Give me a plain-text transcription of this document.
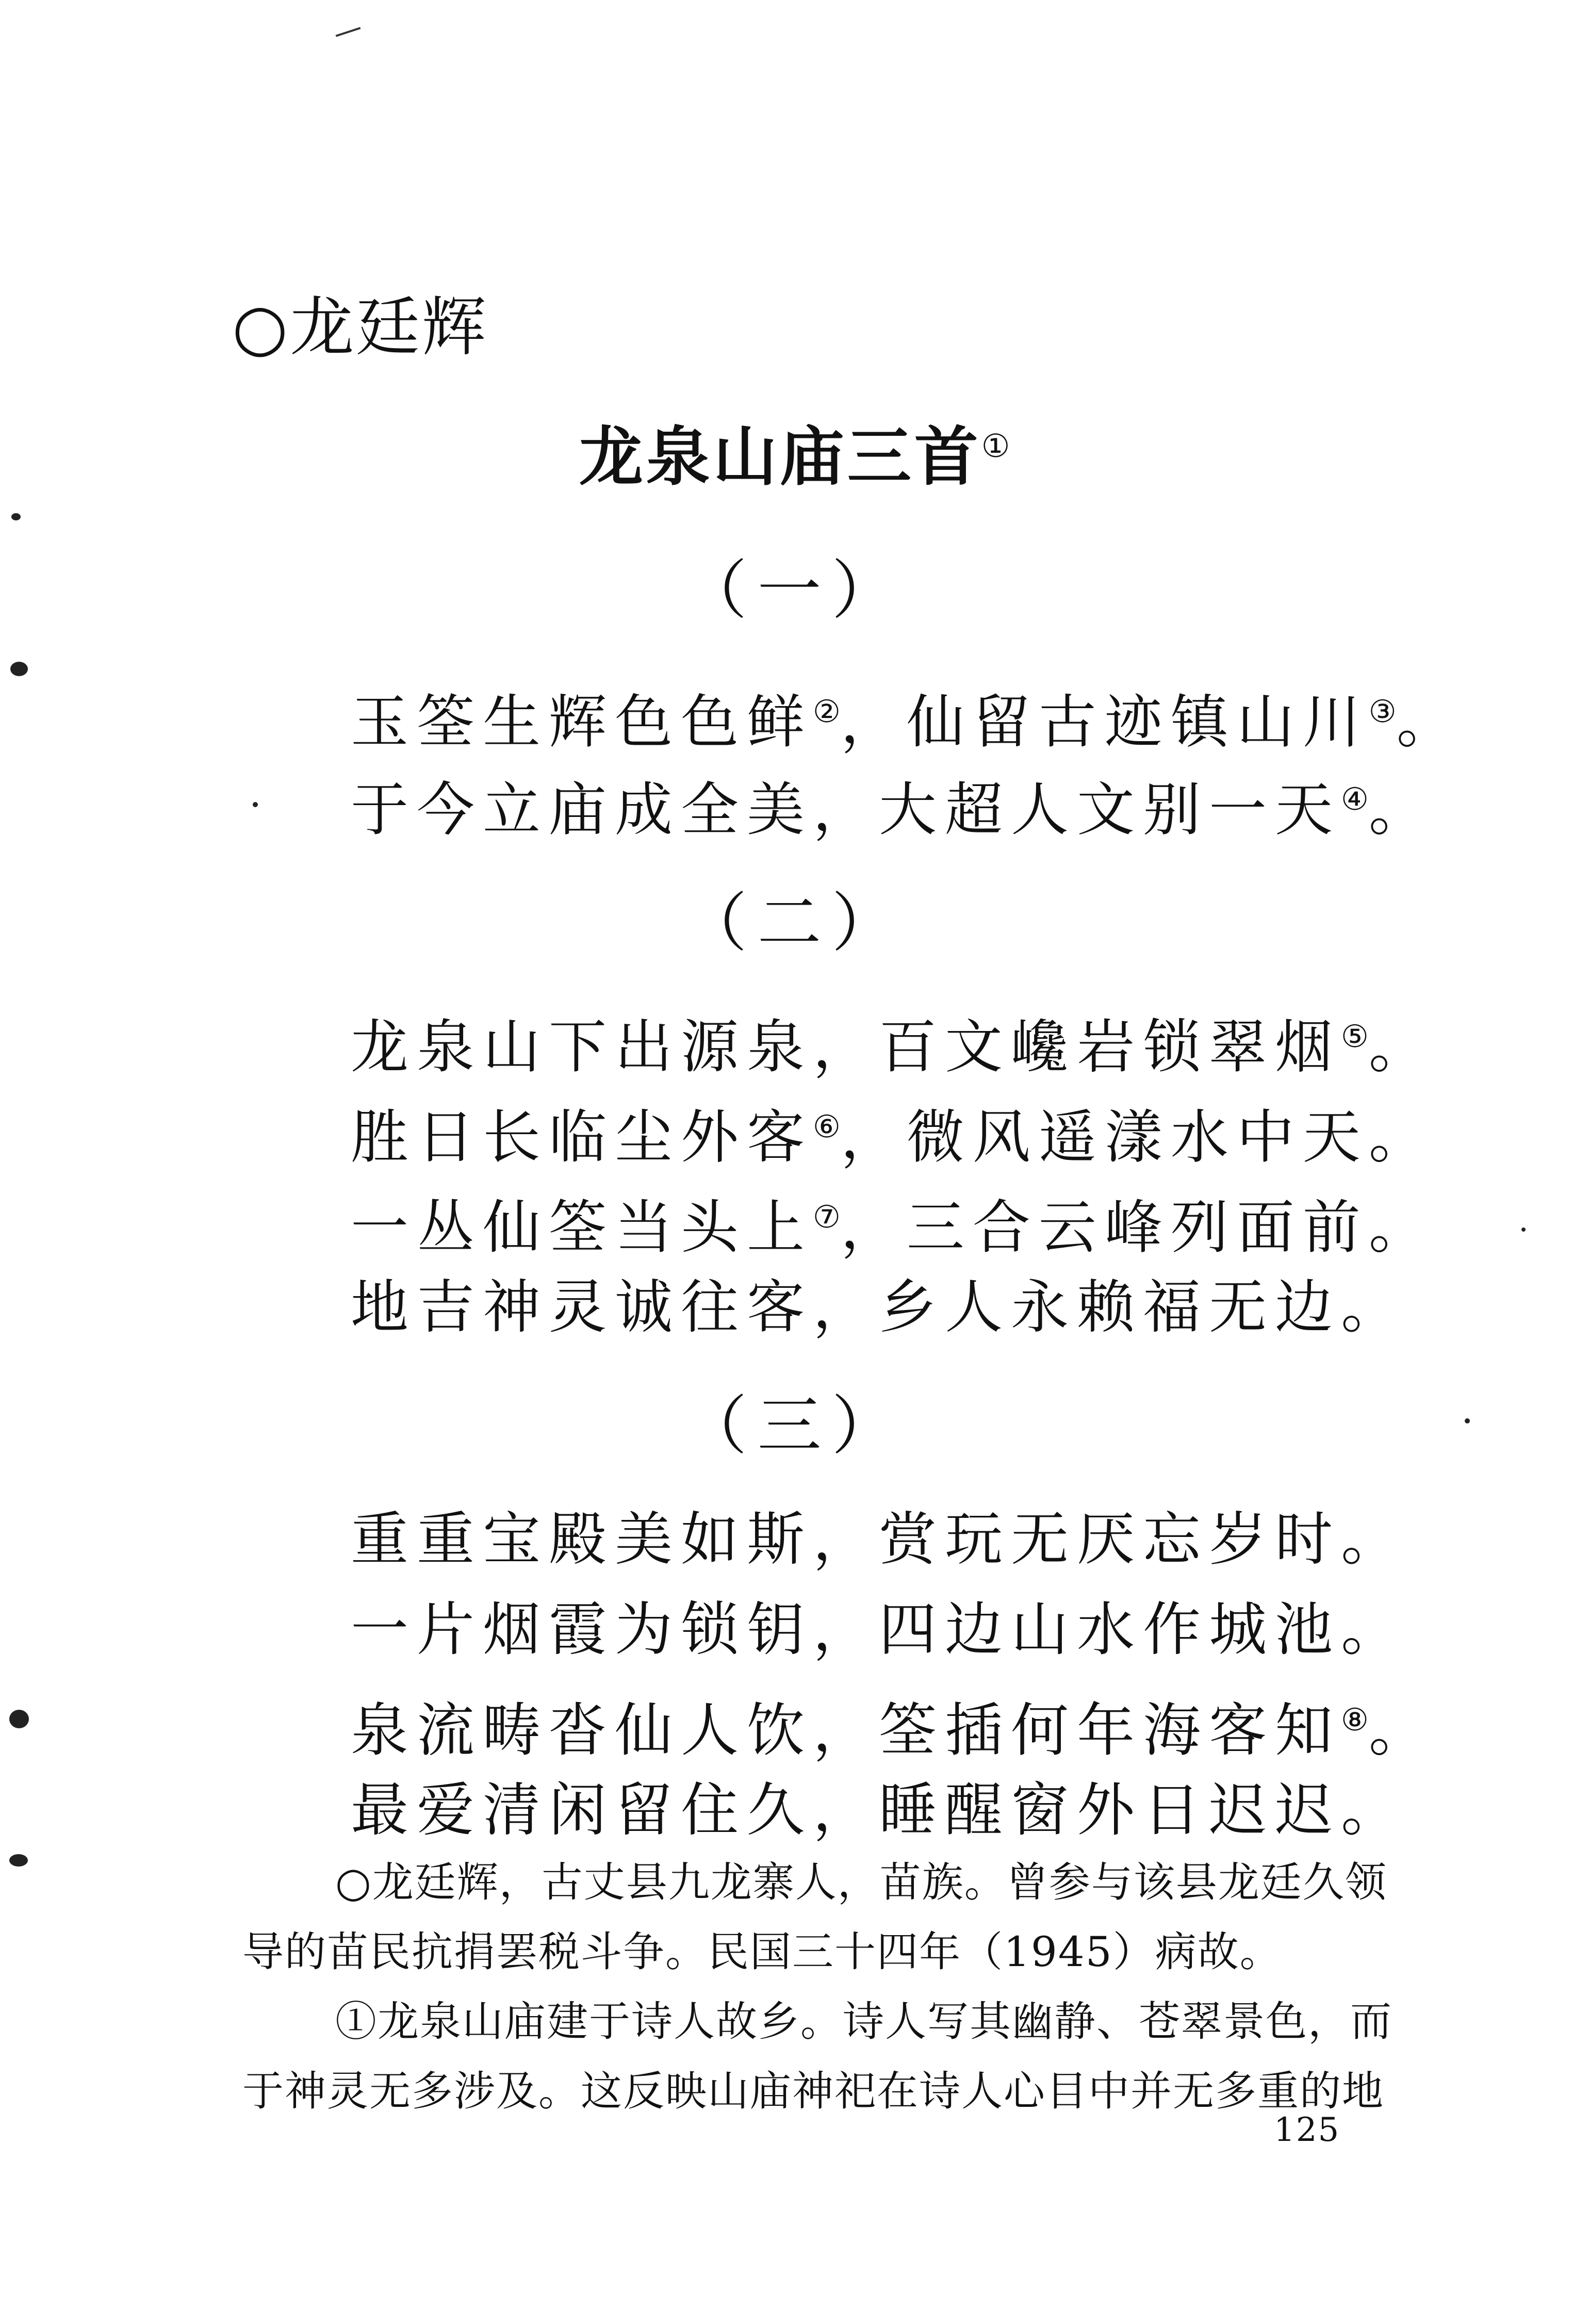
○龙廷辉
龙泉山庙三首①
（一）
玉筌生辉色色鲜②，仙留古迹镇山川③。
于今立庙成全美，大超人文别一天④。
（二）
龙泉山下出源泉，百文巉岩锁翠烟⑤。
胜日长临尘外客⑥，微风遥漾水中天。
一丛仙筌当头上⑦，三合云峰列面前。
地吉神灵诚往客，乡人永赖福无边。
（三）
重重宝殿美如斯，赏玩无厌忘岁时。
一片烟霞为锁钥，四边山水作城池。
泉流畴沓仙人饮，筌插何年海客知⑧。
最爱清闲留住久，睡醒窗外日迟迟。
○龙廷辉，古丈县九龙寨人，苗族。曾参与该县龙廷久领
导的苗民抗捐罢税斗争。民国三十四年（1945）病故。
①龙泉山庙建于诗人故乡。诗人写其幽静、苍翠景色，而
于神灵无多涉及。这反映山庙神祀在诗人心目中并无多重的地
125
